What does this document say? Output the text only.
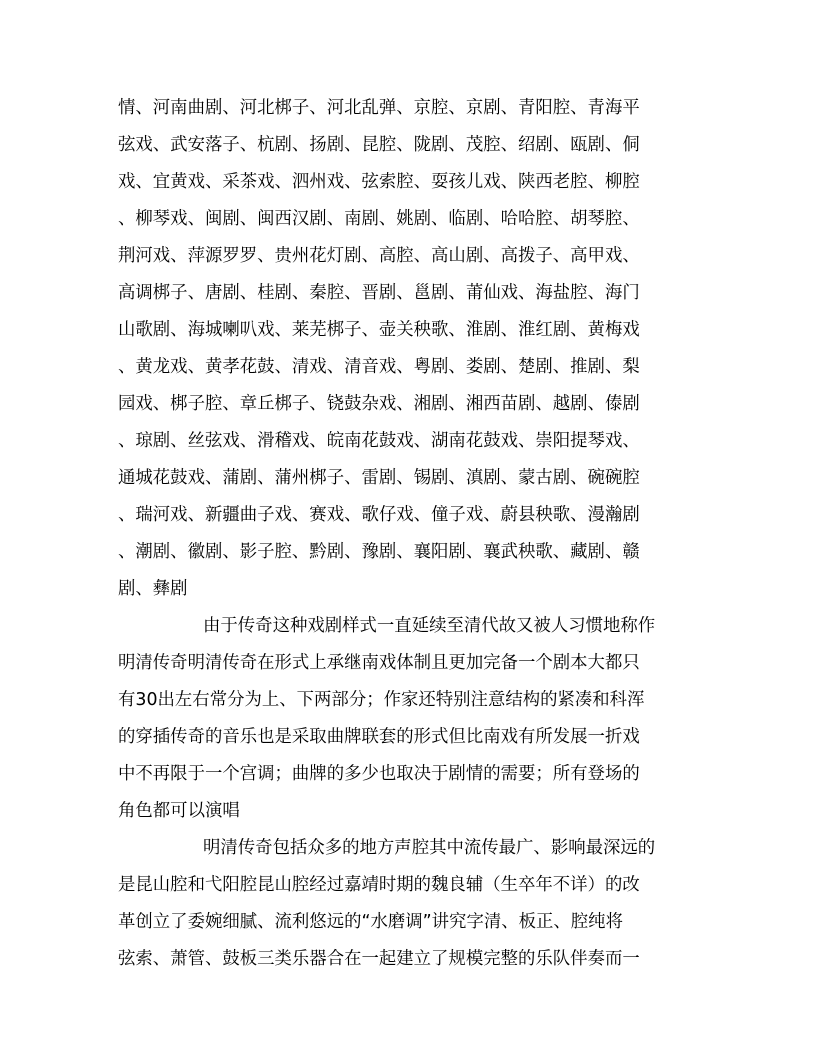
情、河南曲剧、河北梆子、河北乱弹、京腔、京剧、青阳腔、青海平
弦戏、武安落子、杭剧、扬剧、昆腔、陇剧、茂腔、绍剧、瓯剧、侗
戏、宜黄戏、采茶戏、泗州戏、弦索腔、耍孩儿戏、陕西老腔、柳腔
、柳琴戏、闽剧、闽西汉剧、南剧、姚剧、临剧、哈哈腔、胡琴腔、
荆河戏、萍源罗罗、贵州花灯剧、高腔、高山剧、高拨子、高甲戏、
高调梆子、唐剧、桂剧、秦腔、晋剧、邕剧、莆仙戏、海盐腔、海门
山歌剧、海城喇叭戏、莱芜梆子、壶关秧歌、淮剧、淮红剧、黄梅戏
、黄龙戏、黄孝花鼓、清戏、清音戏、粤剧、娄剧、楚剧、推剧、梨
园戏、梆子腔、章丘梆子、铙鼓杂戏、湘剧、湘西苗剧、越剧、傣剧
、琼剧、丝弦戏、滑稽戏、皖南花鼓戏、湖南花鼓戏、崇阳提琴戏、
通城花鼓戏、蒲剧、蒲州梆子、雷剧、锡剧、滇剧、蒙古剧、碗碗腔
、瑞河戏、新疆曲子戏、赛戏、歌仔戏、僮子戏、蔚县秧歌、漫瀚剧
、潮剧、徽剧、影子腔、黔剧、豫剧、襄阳剧、襄武秧歌、藏剧、赣
剧、彝剧
由于传奇这种戏剧样式一直延续至清代故又被人习惯地称作
明清传奇明清传奇在形式上承继南戏体制且更加完备一个剧本大都只
有30出左右常分为上、下两部分；作家还特别注意结构的紧凑和科浑
的穿插传奇的音乐也是采取曲牌联套的形式但比南戏有所发展一折戏
中不再限于一个宫调；曲牌的多少也取决于剧情的需要；所有登场的
角色都可以演唱
明清传奇包括众多的地方声腔其中流传最广、影响最深远的
是昆山腔和弋阳腔昆山腔经过嘉靖时期的魏良辅（生卒年不详）的改
革创立了委婉细腻、流利悠远的“水磨调”讲究字清、板正、腔纯将
弦索、萧管、鼓板三类乐器合在一起建立了规模完整的乐队伴奏而一
